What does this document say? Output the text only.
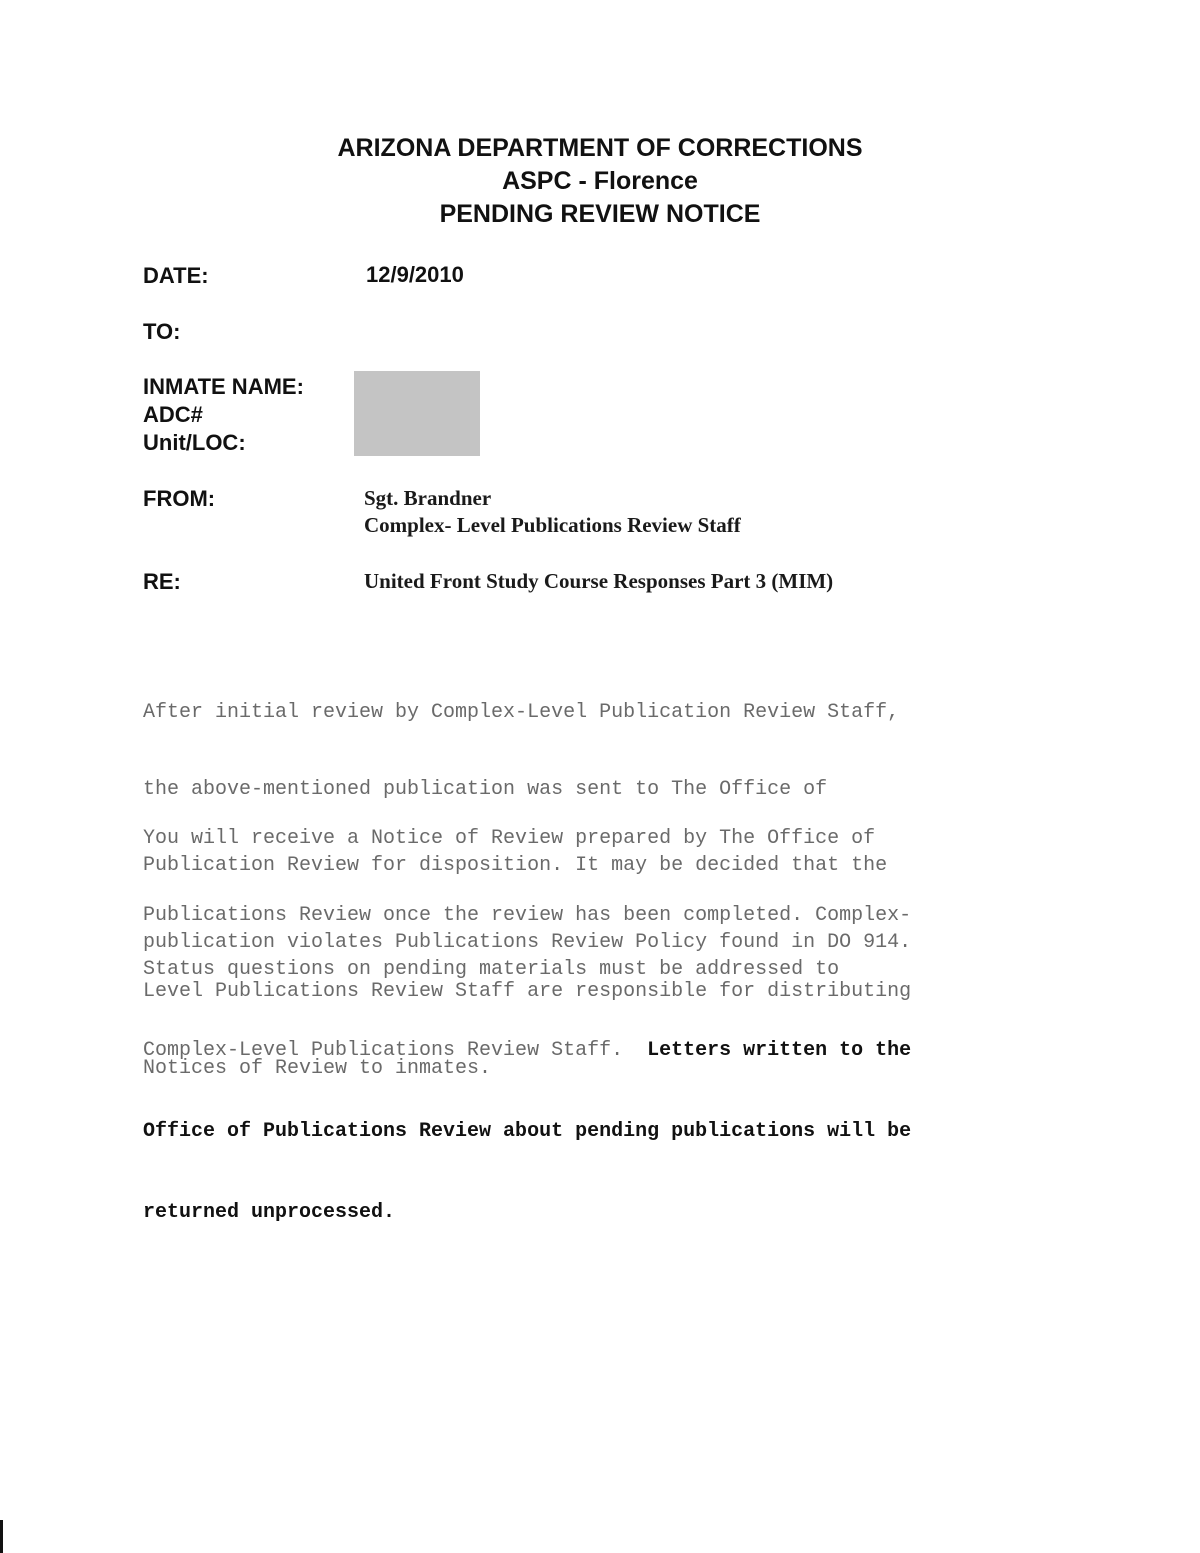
ARIZONA DEPARTMENT OF CORRECTIONS
ASPC - Florence
PENDING REVIEW NOTICE
DATE:	12/9/2010
TO:
INMATE NAME:
ADC#
Unit/LOC:
FROM:	Sgt. Brandner
Complex- Level Publications Review Staff
RE:	United Front Study Course Responses Part 3 (MIM)

After initial review by Complex-Level Publication Review Staff,

the above-mentioned publication was sent to The Office of

Publication Review for disposition. It may be decided that the

publication violates Publications Review Policy found in DO 914.

You will receive a Notice of Review prepared by The Office of

Publications Review once the review has been completed. Complex-

Level Publications Review Staff are responsible for distributing

Notices of Review to inmates.

Status questions on pending materials must be addressed to

Complex-Level Publications Review Staff.  Letters written to the

Office of Publications Review about pending publications will be

returned unprocessed.
